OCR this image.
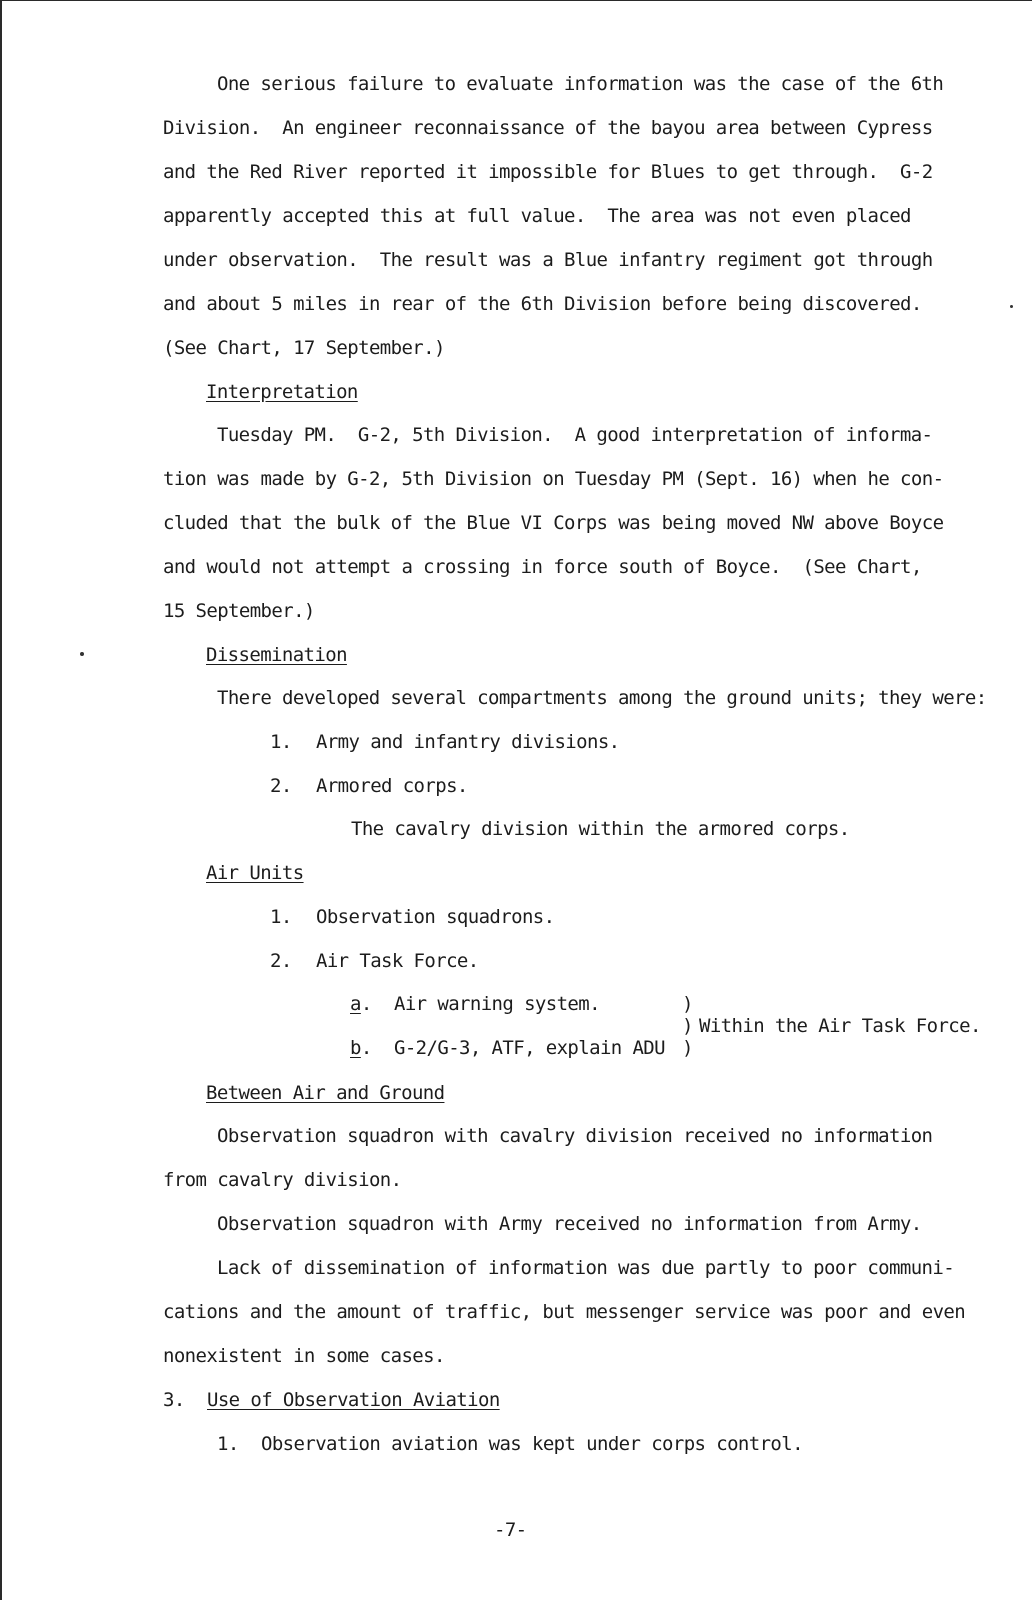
One serious failure to evaluate information was the case of the 6th
Division.  An engineer reconnaissance of the bayou area between Cypress
and the Red River reported it impossible for Blues to get through.  G-2
apparently accepted this at full value.  The area was not even placed
under observation.  The result was a Blue infantry regiment got through
and about 5 miles in rear of the 6th Division before being discovered.
(See Chart, 17 September.)
Interpretation
Tuesday PM.  G-2, 5th Division.  A good interpretation of informa-
tion was made by G-2, 5th Division on Tuesday PM (Sept. 16) when he con-
cluded that the bulk of the Blue VI Corps was being moved NW above Boyce
and would not attempt a crossing in force south of Boyce.  (See Chart,
15 September.)
Dissemination
There developed several compartments among the ground units; they were:
1. Army and infantry divisions.
2. Armored corps.
The cavalry division within the armored corps.
Air Units
1. Observation squadrons.
2. Air Task Force.
a. Air warning system.
b. G-2/G-3, ATF, explain ADU
)
)
)
Within the Air Task Force.
Between Air and Ground
Observation squadron with cavalry division received no information
from cavalry division.
Observation squadron with Army received no information from Army.
Lack of dissemination of information was due partly to poor communi-
cations and the amount of traffic, but messenger service was poor and even
nonexistent in some cases.
3. Use of Observation Aviation
1. Observation aviation was kept under corps control.
-7-
